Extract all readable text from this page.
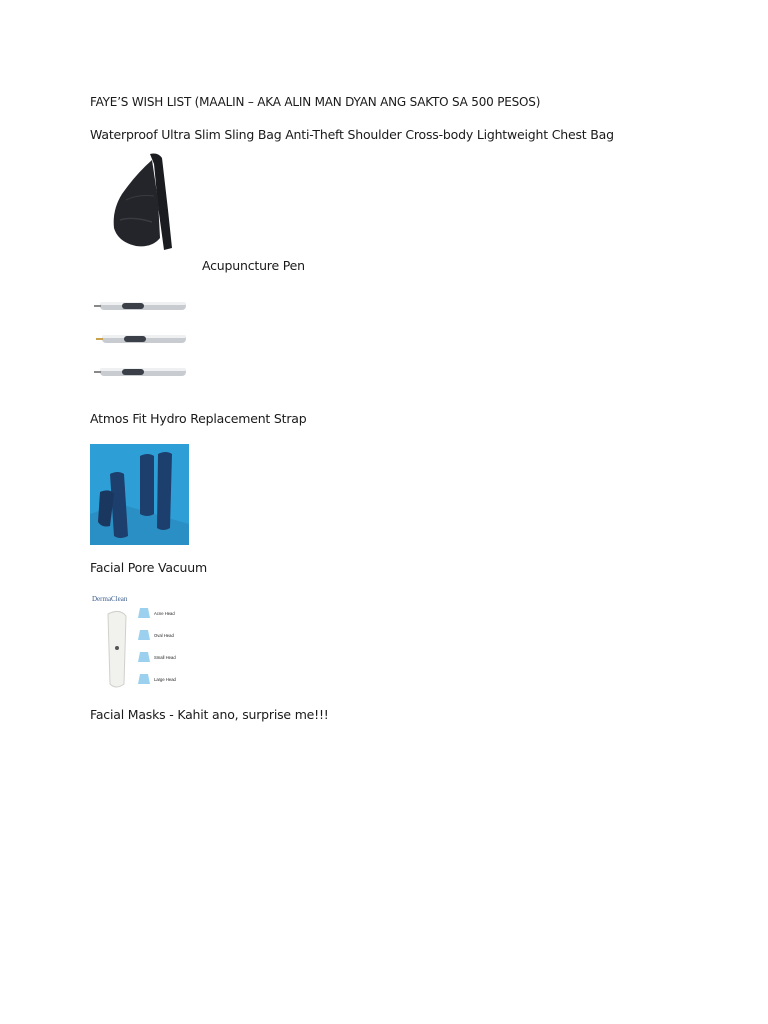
FAYE’S WISH LIST (MAALIN – AKA ALIN MAN DYAN ANG SAKTO SA 500 PESOS)
Waterproof Ultra Slim Sling Bag Anti-Theft Shoulder Cross-body Lightweight Chest Bag
Acupuncture Pen
Atmos Fit Hydro Replacement Strap
Facial Pore Vacuum
DermaClean
Acne Head
Oval Head
Small Head
Large Head
Facial Masks - Kahit ano, surprise me!!!
